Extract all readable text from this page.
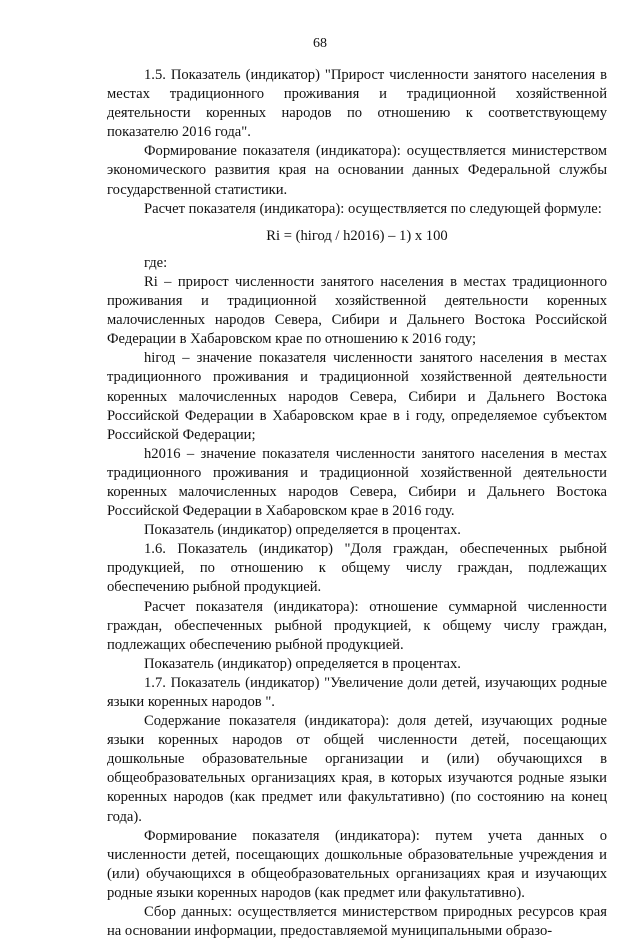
68

1.5. Показатель (индикатор) "Прирост численности занятого населения в местах традиционного проживания и традиционной хозяйственной деятельности коренных народов по отношению к соответствующему показателю 2016 года".

Формирование показателя (индикатора): осуществляется министерством экономического развития края на основании данных Федеральной службы государственной статистики.

Расчет показателя (индикатора): осуществляется по следующей формуле:

Ri = (hiгод / h2016) – 1) x 100

где:

Ri – прирост численности занятого населения в местах традиционного проживания и традиционной хозяйственной деятельности коренных малочисленных народов Севера, Сибири и Дальнего Востока Российской Федерации в Хабаровском крае по отношению к 2016 году;

hiгод – значение показателя численности занятого населения в местах традиционного проживания и традиционной хозяйственной деятельности коренных малочисленных народов Севера, Сибири и Дальнего Востока Российской Федерации в Хабаровском крае в i году, определяемое субъектом Российской Федерации;

h2016 – значение показателя численности занятого населения в местах традиционного проживания и традиционной хозяйственной деятельности коренных малочисленных народов Севера, Сибири и Дальнего Востока Российской Федерации в Хабаровском крае в 2016 году.

Показатель (индикатор) определяется в процентах.

1.6. Показатель (индикатор) "Доля граждан, обеспеченных рыбной продукцией, по отношению к общему числу граждан, подлежащих обеспечению рыбной продукцией.

Расчет показателя (индикатора): отношение суммарной численности граждан, обеспеченных рыбной продукцией, к общему числу граждан, подлежащих обеспечению рыбной продукцией.

Показатель (индикатор) определяется в процентах.

1.7. Показатель (индикатор) "Увеличение доли детей, изучающих родные языки коренных народов ".

Содержание показателя (индикатора): доля детей, изучающих родные языки коренных народов от общей численности детей, посещающих дошкольные образовательные организации и (или) обучающихся в общеобразовательных организациях края, в которых изучаются родные языки коренных народов (как предмет или факультативно) (по состоянию на конец года).

Формирование показателя (индикатора): путем учета данных о численности детей, посещающих дошкольные образовательные учреждения и (или) обучающихся в общеобразовательных организациях края и изучающих родные языки коренных народов (как предмет или факультативно).

Сбор данных: осуществляется министерством природных ресурсов края на основании информации, предоставляемой муниципальными образо-
